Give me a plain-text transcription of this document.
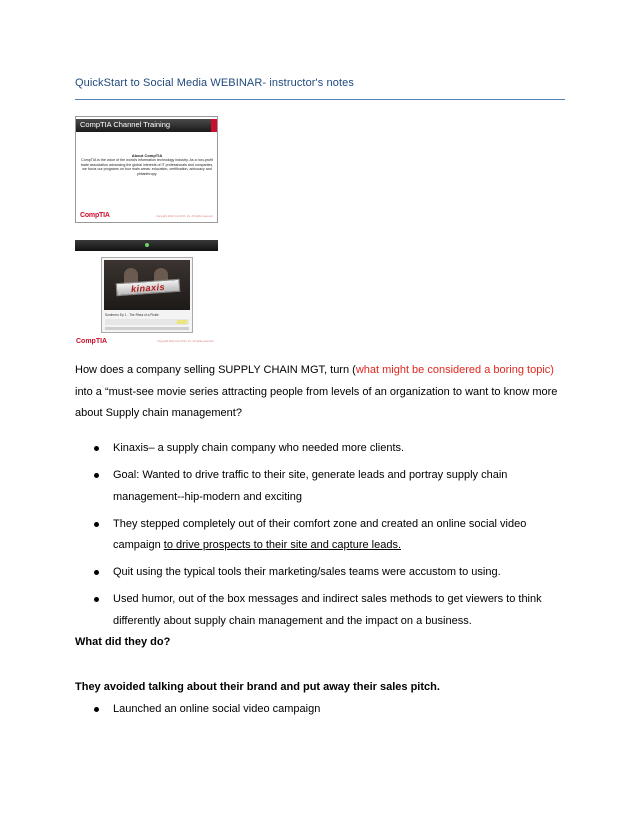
QuickStart to Social Media WEBINAR- instructor's notes
CompTIA Channel Training
About CompTIA
CompTIA is the voice of the world's information technology industry. As a non-profit trade association advancing the global interests of IT professionals and companies, we focus our programs on four main areas: education, certification, advocacy and philanthropy.
CompTIA	Copyright 2012 CompTIA, Inc. All rights reserved.
kinaxis
Sombrero Ep 1 - The Rhea of a Pickle
CompTIA	Copyright 2012 CompTIA, Inc. All rights reserved.
How does a company selling SUPPLY CHAIN MGT, turn (what might be considered a boring topic) into a “must-see movie series attracting people from levels of an organization to want to know more about Supply chain management?
Kinaxis– a supply chain company who needed more clients.
Goal: Wanted to drive traffic to their site, generate leads and portray supply chain management--hip-modern and exciting
They stepped completely out of their comfort zone and created an online social video campaign to drive prospects to their site and capture leads.
Quit using the typical tools their marketing/sales teams were accustom to using.
Used humor, out of the box messages and indirect sales methods to get viewers to think differently about supply chain management and the impact on a business.
What did they do?
They avoided talking about their brand and put away their sales pitch.
Launched an online social video campaign
